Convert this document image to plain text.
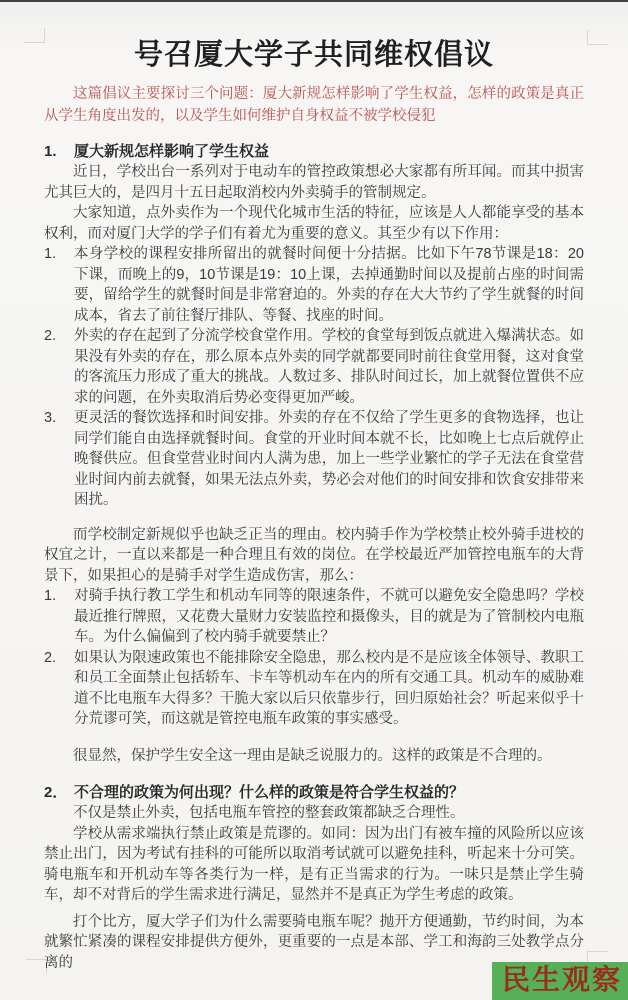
号召厦大学子共同维权倡议

这篇倡议主要探讨三个问题：厦大新规怎样影响了学生权益，怎样的政策是真正从学生角度出发的，以及学生如何维护自身权益不被学校侵犯

1.	厦大新规怎样影响了学生权益

近日，学校出台一系列对于电动车的管控政策想必大家都有所耳闻。而其中损害尤其巨大的，是四月十五日起取消校内外卖骑手的管制规定。

大家知道，点外卖作为一个现代化城市生活的特征，应该是人人都能享受的基本权利，而对厦门大学的学子们有着尤为重要的意义。其至少有以下作用：

1.	本身学校的课程安排所留出的就餐时间便十分拮据。比如下午78节课是18：20下课，而晚上的9，10节课是19：10上课，去掉通勤时间以及提前占座的时间需要，留给学生的就餐时间是非常窘迫的。外卖的存在大大节约了学生就餐的时间成本，省去了前往餐厅排队、等餐、找座的时间。
2.	外卖的存在起到了分流学校食堂作用。学校的食堂每到饭点就进入爆满状态。如果没有外卖的存在，那么原本点外卖的同学就都要同时前往食堂用餐，这对食堂的客流压力形成了重大的挑战。人数过多、排队时间过长，加上就餐位置供不应求的问题，在外卖取消后势必变得更加严峻。
3.	更灵活的餐饮选择和时间安排。外卖的存在不仅给了学生更多的食物选择，也让同学们能自由选择就餐时间。食堂的开业时间本就不长，比如晚上七点后就停止晚餐供应。但食堂营业时间内人满为患，加上一些学业繁忙的学子无法在食堂营业时间内前去就餐，如果无法点外卖，势必会对他们的时间安排和饮食安排带来困扰。

而学校制定新规似乎也缺乏正当的理由。校内骑手作为学校禁止校外骑手进校的权宜之计，一直以来都是一种合理且有效的岗位。在学校最近严加管控电瓶车的大背景下，如果担心的是骑手对学生造成伤害，那么：

1.	对骑手执行教工学生和机动车同等的限速条件，不就可以避免安全隐患吗？学校最近推行牌照，又花费大量财力安装监控和摄像头，目的就是为了管制校内电瓶车。为什么偏偏到了校内骑手就要禁止？
2.	如果认为限速政策也不能排除安全隐患，那么校内是不是应该全体领导、教职工和员工全面禁止包括轿车、卡车等机动车在内的所有交通工具。机动车的威胁难道不比电瓶车大得多？干脆大家以后只依靠步行，回归原始社会？听起来似乎十分荒谬可笑，而这就是管控电瓶车政策的事实感受。

很显然，保护学生安全这一理由是缺乏说服力的。这样的政策是不合理的。

2． 不合理的政策为何出现？什么样的政策是符合学生权益的？

不仅是禁止外卖，包括电瓶车管控的整套政策都缺乏合理性。

学校从需求端执行禁止政策是荒谬的。如同：因为出门有被车撞的风险所以应该禁止出门，因为考试有挂科的可能所以取消考试就可以避免挂科，听起来十分可笑。骑电瓶车和开机动车等各类行为一样，是有正当需求的行为。一味只是禁止学生骑车，却不对背后的学生需求进行满足，显然并不是真正为学生考虑的政策。

打个比方，厦大学子们为什么需要骑电瓶车呢？抛开方便通勤，节约时间，为本就繁忙紧凑的课程安排提供方便外，更重要的一点是本部、学工和海韵三处教学点分离的

民生观察
